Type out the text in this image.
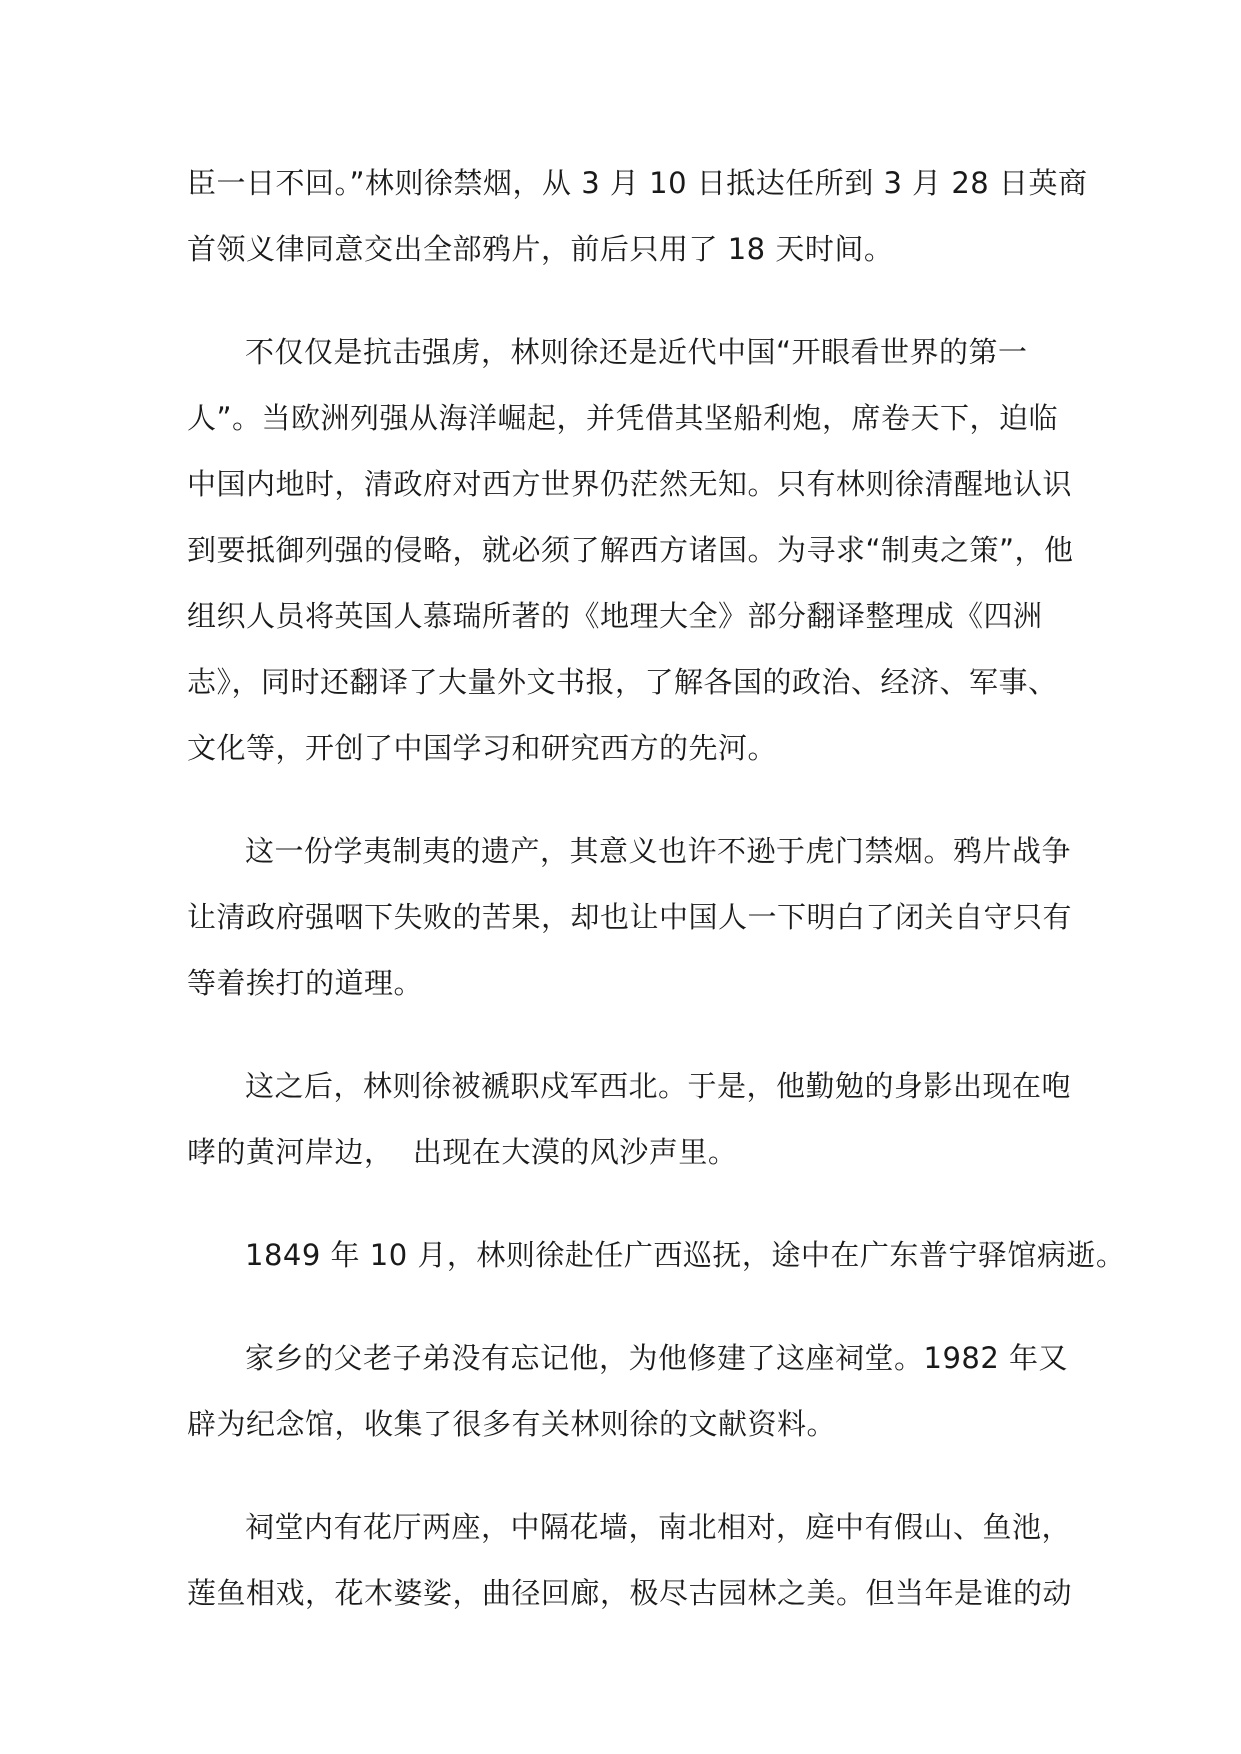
臣一日不回。”林则徐禁烟，从 3 月 10 日抵达任所到 3 月 28 日英商
首领义律同意交出全部鸦片，前后只用了 18 天时间。
不仅仅是抗击强虏，林则徐还是近代中国“开眼看世界的第一
人”。当欧洲列强从海洋崛起，并凭借其坚船利炮，席卷天下，迫临
中国内地时，清政府对西方世界仍茫然无知。只有林则徐清醒地认识
到要抵御列强的侵略，就必须了解西方诸国。为寻求“制夷之策”，他
组织人员将英国人慕瑞所著的《地理大全》部分翻译整理成《四洲
志》，同时还翻译了大量外文书报，了解各国的政治、经济、军事、
文化等，开创了中国学习和研究西方的先河。
这一份学夷制夷的遗产，其意义也许不逊于虎门禁烟。鸦片战争
让清政府强咽下失败的苦果，却也让中国人一下明白了闭关自守只有
等着挨打的道理。
这之后，林则徐被褫职戍军西北。于是，他勤勉的身影出现在咆
哮的黄河岸边，  出现在大漠的风沙声里。
1849 年 10 月，林则徐赴任广西巡抚，途中在广东普宁驿馆病逝。
家乡的父老子弟没有忘记他，为他修建了这座祠堂。1982 年又
辟为纪念馆，收集了很多有关林则徐的文献资料。
祠堂内有花厅两座，中隔花墙，南北相对，庭中有假山、鱼池，
莲鱼相戏，花木婆娑，曲径回廊，极尽古园林之美。但当年是谁的动
